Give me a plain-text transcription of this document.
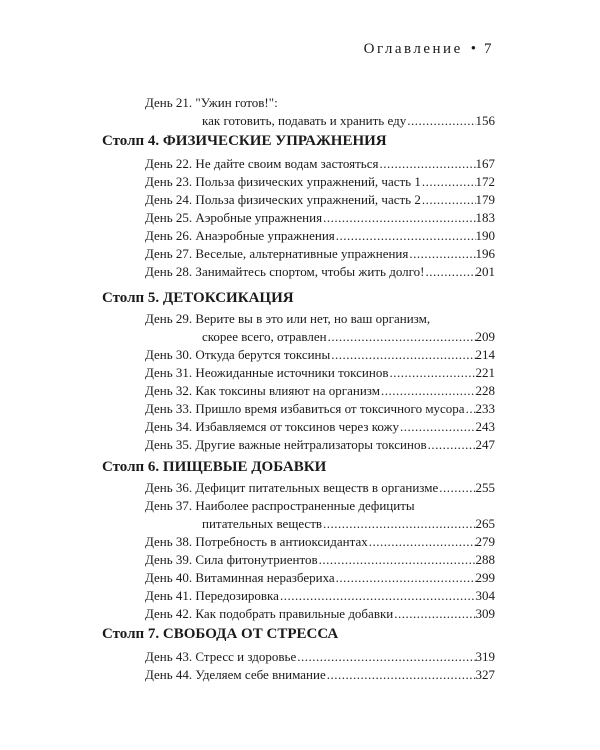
Оглавление • 7
День 21. "Ужин готов!":
как готовить, подавать и хранить еду .....	156
Столп 4. ФИЗИЧЕСКИЕ УПРАЖНЕНИЯ
День 22. Не дайте своим водам застояться .....	167
День 23. Польза физических упражнений, часть 1 .....	172
День 24. Польза физических упражнений, часть 2 .....	179
День 25. Аэробные упражнения .....	183
День 26. Анаэробные упражнения .....	190
День 27. Веселые, альтернативные упражнения .....	196
День 28. Занимайтесь спортом, чтобы жить долго! .....	201
Столп 5. ДЕТОКСИКАЦИЯ
День 29. Верите вы в это или нет, но ваш организм,
скорее всего, отравлен .....	209
День 30. Откуда берутся токсины .....	214
День 31. Неожиданные источники токсинов .....	221
День 32. Как токсины влияют на организм .....	228
День 33. Пришло время избавиться от токсичного мусора ..... 233
День 34. Избавляемся от токсинов через кожу .....	243
День 35. Другие важные нейтрализаторы токсинов .....	247
Столп 6. ПИЩЕВЫЕ ДОБАВКИ
День 36. Дефицит питательных веществ в организме .....	255
День 37. Наиболее распространенные дефициты
питательных веществ .....	265
День 38. Потребность в антиоксидантах .....	279
День 39. Сила фитонутриентов .....	288
День 40. Витаминная неразбериха .....	299
День 41. Передозировка .....	304
День 42. Как подобрать правильные добавки .....	309
Столп 7. СВОБОДА ОТ СТРЕССА
День 43. Стресс и здоровье .....	319
День 44. Уделяем себе внимание .....	327
